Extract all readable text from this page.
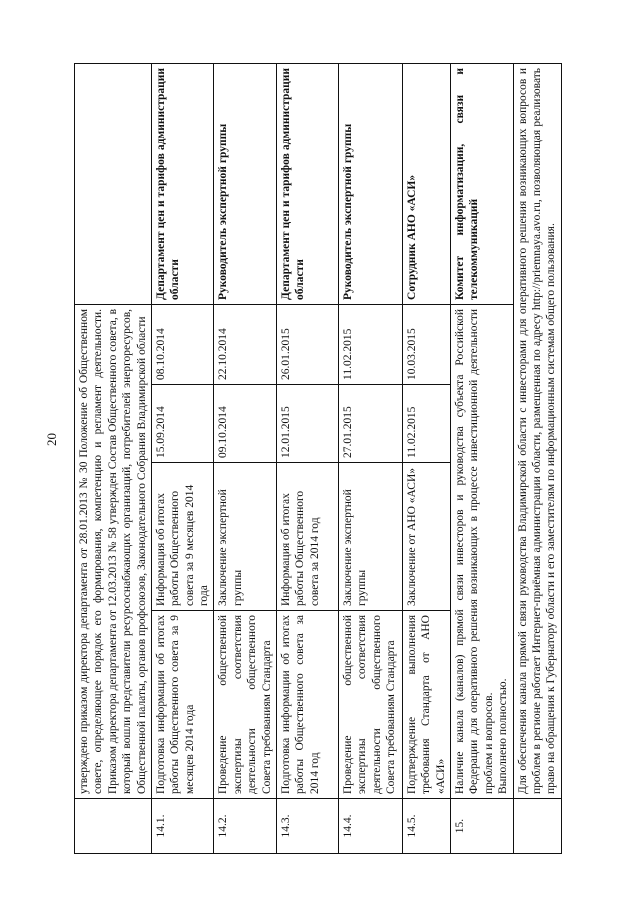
20
	утверждено приказом директора департамента от 28.01.2013 № 30 Положение об Общественном совете, определяющее порядок его формирования, компетенцию и регламент деятельности. Приказом директора департамента от 12.03.2013 № 58 утвержден Состав Общественного совета, в который вошли представители ресурсоснабжающих организаций, потребителей энергоресурсов, Общественной палаты, органов профсоюзов, Законодательного Собрания Владимирской области				
14.1.	Подготовка информации об итогах работы Общественного совета за 9 месяцев 2014 года	Информация об итогах работы Общественного совета за 9 месяцев 2014 года	15.09.2014	08.10.2014	Департамент цен и тарифов администрации области
14.2.	Проведение общественной экспертизы соответствия деятельности общественного Совета требованиям Стандарта	Заключение экспертной группы	09.10.2014	22.10.2014	Руководитель экспертной группы
14.3.	Подготовка информации об итогах работы Общественного совета за 2014 год	Информация об итогах работы Общественного совета за 2014 год	12.01.2015	26.01.2015	Департамент цен и тарифов администрации области
14.4.	Проведение общественной экспертизы соответствия деятельности общественного Совета требованиям Стандарта	Заключение экспертной группы	27.01.2015	11.02.2015	Руководитель экспертной группы
14.5.	Подтверждение выполнения требования Стандарта от АНО «АСИ»	Заключение от АНО «АСИ»	11.02.2015	10.03.2015	Сотрудник АНО «АСИ»
15.	Наличие канала (каналов) прямой связи инвесторов и руководства субъекта Российской Федерации для оперативного решения возникающих в процессе инвестиционной деятельности проблем и вопросов. Выполнено полностью.				Комитет информатизации, связи и телекоммуникаций
	Для обеспечения канала прямой связи руководства Владимирской области с инвесторами для оперативного решения возникающих вопросов и проблем в регионе работает Интернет-приёмная администрации области, размещенная по адресу http://priemnaya.avo.ru, позволяющая реализовать право на обращения к Губернатору области и его заместителям по информационным системам общего пользования.				
